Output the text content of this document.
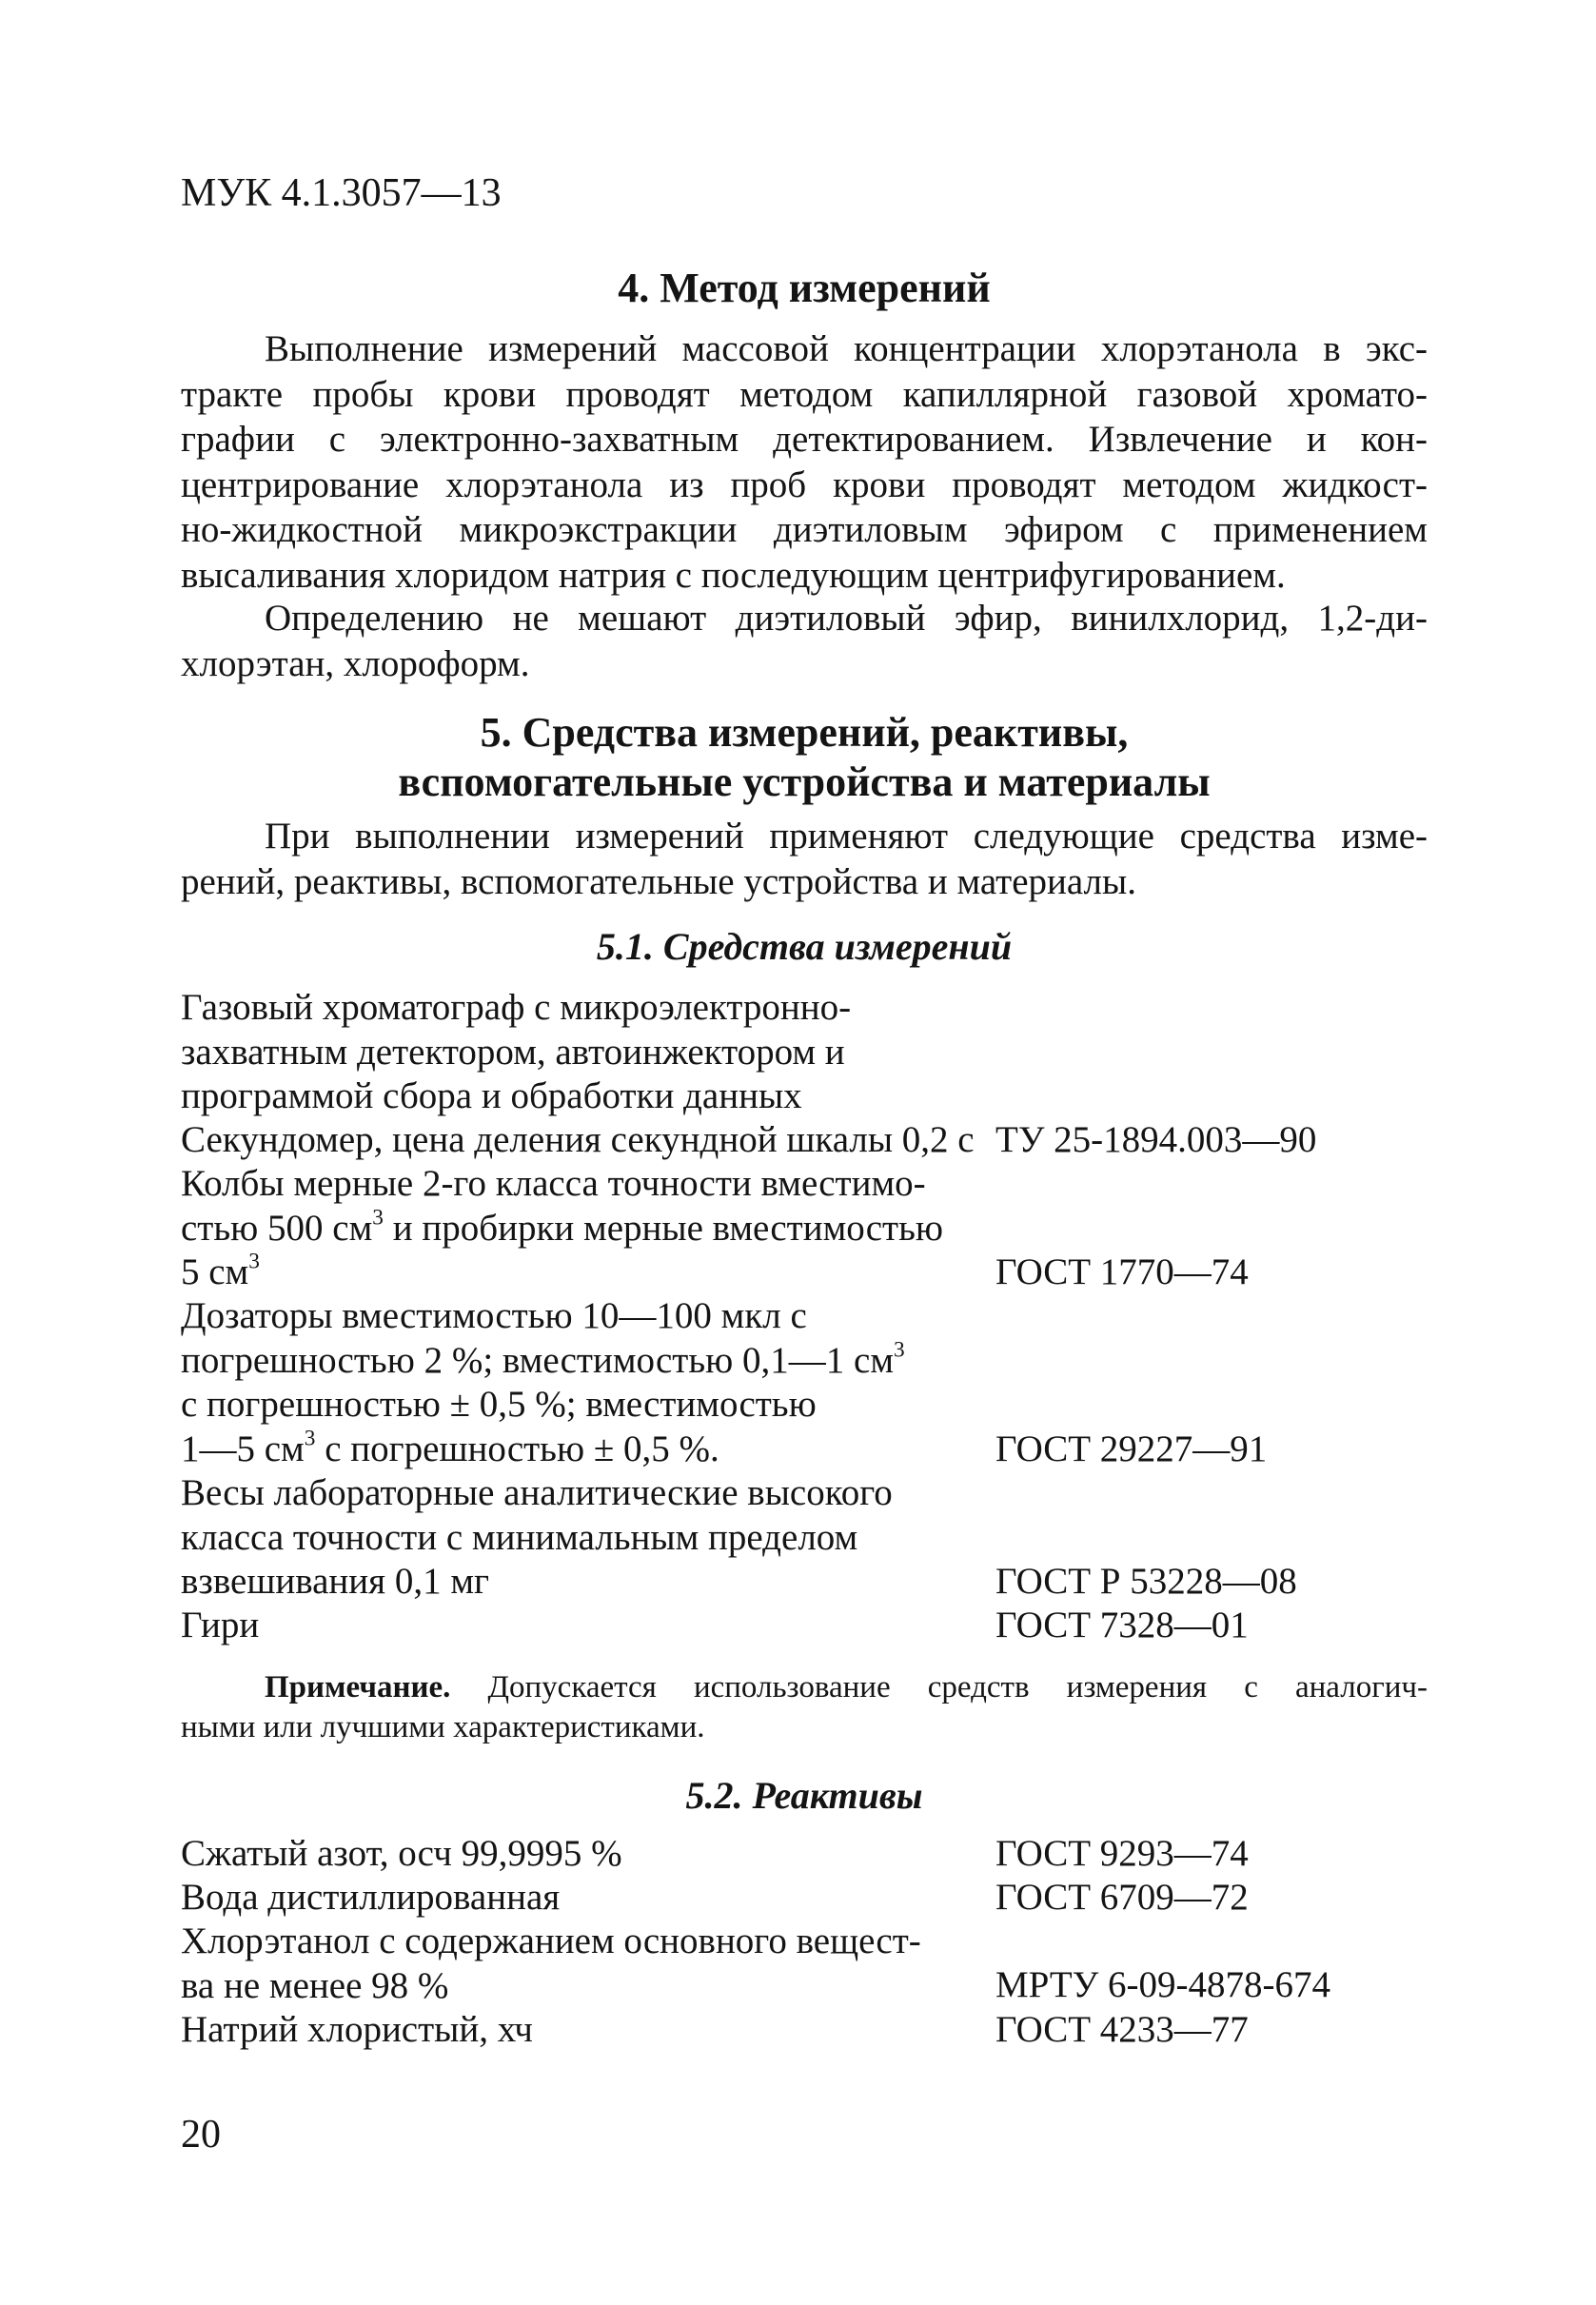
МУК 4.1.3057—13
4. Метод измерений
Выполнение измерений массовой концентрации хлорэтанола в экс-
тракте пробы крови проводят методом капиллярной газовой хромато-
графии с электронно-захватным детектированием. Извлечение и кон-
центрирование хлорэтанола из проб крови проводят методом жидкост-
но-жидкостной микроэкстракции диэтиловым эфиром с применением
высаливания хлоридом натрия с последующим центрифугированием.
Определению не мешают диэтиловый эфир, винилхлорид, 1,2-ди-
хлорэтан, хлороформ.
5. Средства измерений, реактивы,
вспомогательные устройства и материалы
При выполнении измерений применяют следующие средства изме-
рений, реактивы, вспомогательные устройства и материалы.
5.1. Средства измерений
Газовый хроматограф с микроэлектронно-
захватным детектором, автоинжектором и
программой сбора и обработки данных
Секундомер, цена деления секундной шкалы 0,2 с ТУ 25-1894.003—90
Колбы мерные 2-го класса точности вместимо-
стью 500 $см^3$ и пробирки мерные вместимостью
5 $см^3$	ГОСТ 1770—74
Дозаторы вместимостью 10—100 мкл с
погрешностью 2 %; вместимостью 0,1—1 $см^3$
с погрешностью ± 0,5 %; вместимостью
1—5 $см^3$ с погрешностью ± 0,5 %.	ГОСТ 29227—91
Весы лабораторные аналитические высокого
класса точности с минимальным пределом
взвешивания 0,1 мг	ГОСТ Р 53228—08
Гири	ГОСТ 7328—01
Примечание. Допускается использование средств измерения с аналогич-
ными или лучшими характеристиками.
5.2. Реактивы
Сжатый азот, осч 99,9995 %	ГОСТ 9293—74
Вода дистиллированная	ГОСТ 6709—72
Хлорэтанол с содержанием основного вещест-
ва не менее 98 %	МРТУ 6-09-4878-674
Натрий хлористый, хч	ГОСТ 4233—77
20
